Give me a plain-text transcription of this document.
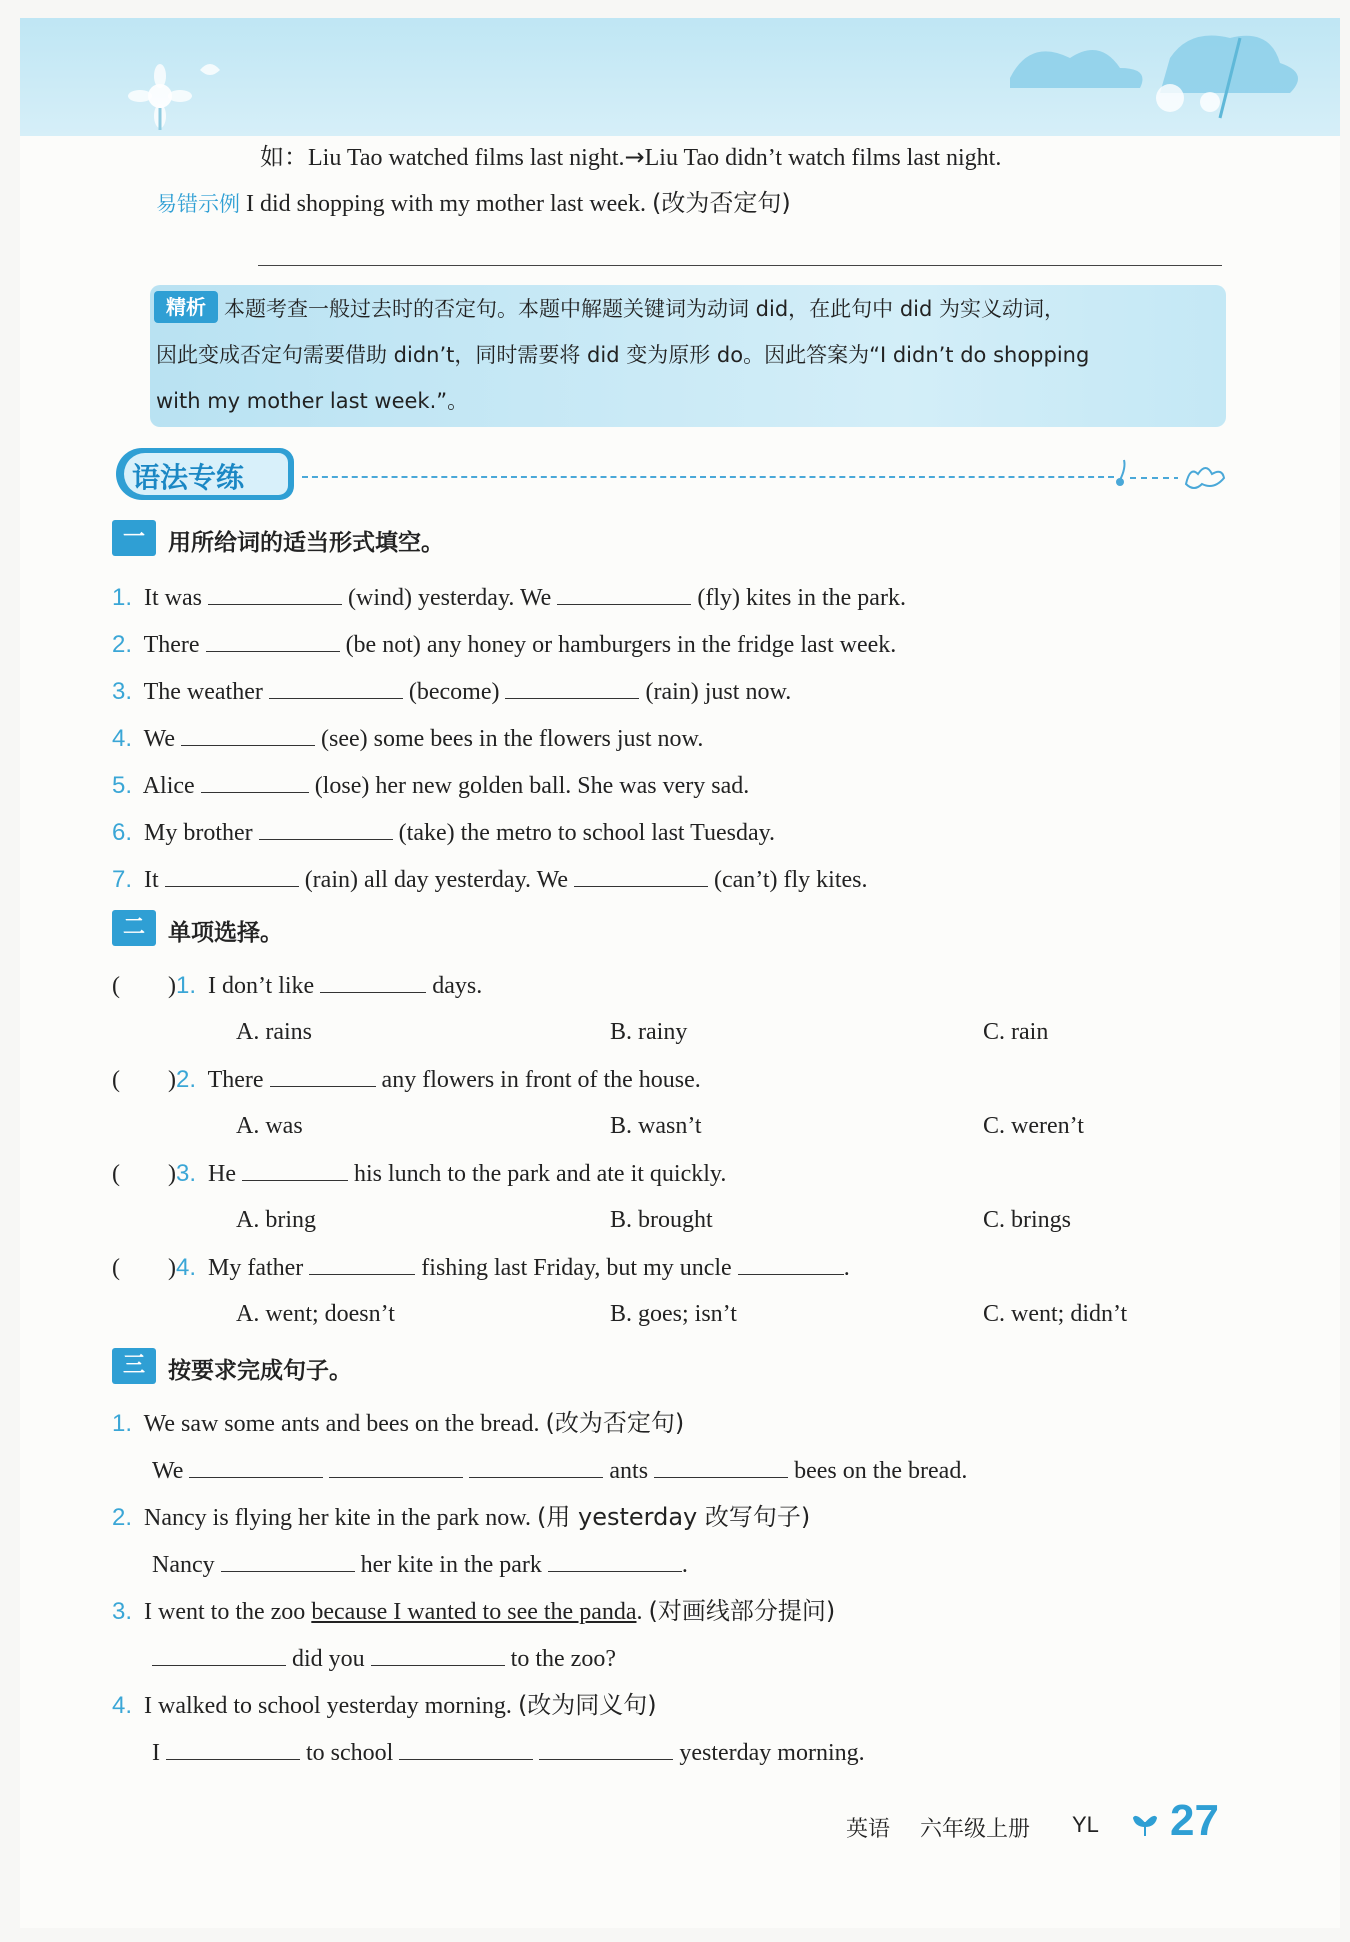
如：Liu Tao watched films last night.→Liu Tao didn’t watch films last night.
易错示例 I did shopping with my mother last week. (改为否定句)
精析 本题考查一般过去时的否定句。本题中解题关键词为动词 did，在此句中 did 为实义动词，
因此变成否定句需要借助 didn’t，同时需要将 did 变为原形 do。因此答案为“I didn’t do shopping
with my mother last week.”。
语法专练
一	用所给词的适当形式填空。
1. It was	(wind) yesterday. We	(fly) kites in the park.
2. There	(be not) any honey or hamburgers in the fridge last week.
3. The weather	(become)	(rain) just now.
4. We	(see) some bees in the flowers just now.
5. Alice	(lose) her new golden ball. She was very sad.
6. My brother	(take) the metro to school last Tuesday.
7. It	(rain) all day yesterday. We	(can’t) fly kites.
二	单项选择。
(        )1. I don’t like	days.
A. rains	B. rainy	C. rain
(        )2. There	any flowers in front of the house.
A. was	B. wasn’t	C. weren’t
(        )3. He	his lunch to the park and ate it quickly.
A. bring	B. brought	C. brings
(        )4. My father	fishing last Friday, but my uncle	.
A. went; doesn’t	B. goes; isn’t	C. went; didn’t
三	按要求完成句子。
1. We saw some ants and bees on the bread. (改为否定句)
We	ants	bees on the bread.
2. Nancy is flying her kite in the park now. (用 yesterday 改写句子)
Nancy	her kite in the park	.
3. I went to the zoo because I wanted to see the panda. (对画线部分提问)
did you	to the zoo?
4. I walked to school yesterday morning. (改为同义句)
I	to school	yesterday morning.
英语 六年级上册 YL 27
